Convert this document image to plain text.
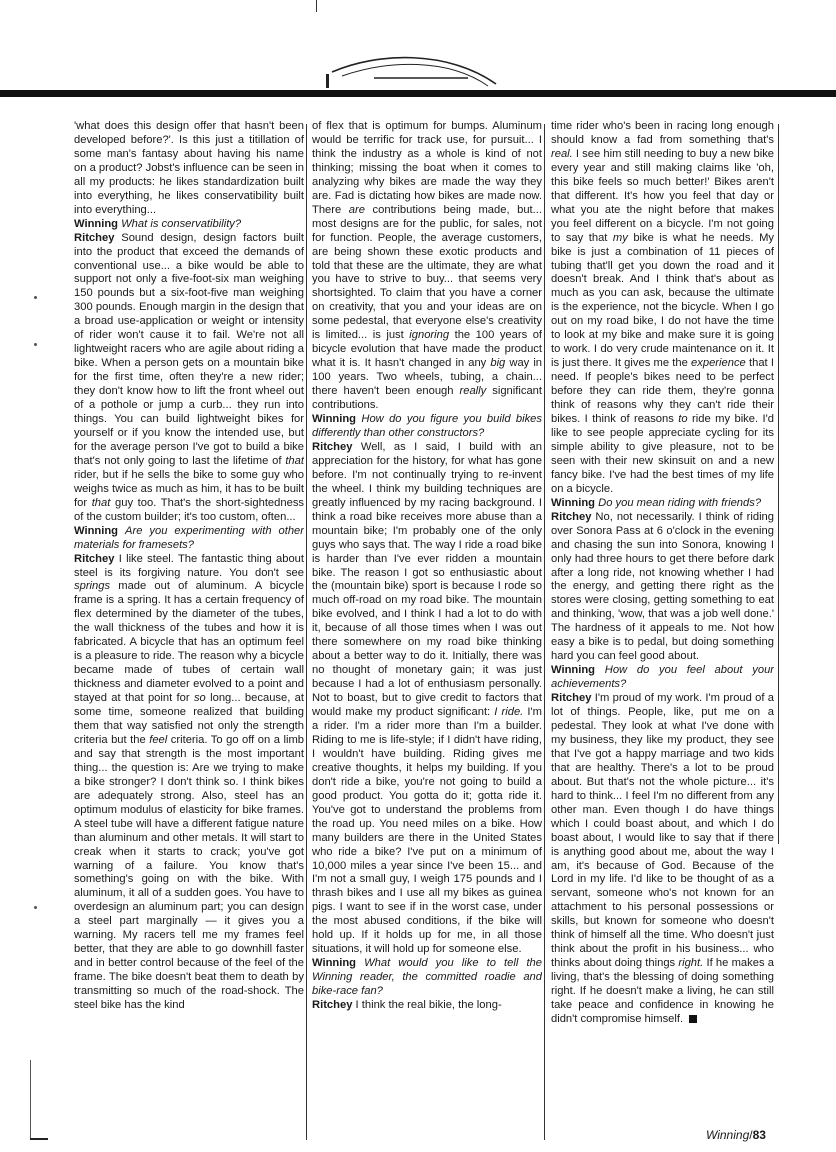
'what does this design offer that hasn't been developed before?'. Is this just a titillation of some man's fantasy about having his name on a product? Jobst's influence can be seen in all my products: he likes standardization built into everything, he likes conservatibility built into everything...

Winning What is conservatibility?

Ritchey Sound design, design factors built into the product that exceed the demands of conventional use... a bike would be able to support not only a five-foot-six man weighing 150 pounds but a six-foot-five man weighing 300 pounds. Enough margin in the design that a broad use-application or weight or intensity of rider won't cause it to fail. We're not all lightweight racers who are agile about riding a bike. When a person gets on a mountain bike for the first time, often they're a new rider; they don't know how to lift the front wheel out of a pothole or jump a curb... they run into things. You can build lightweight bikes for yourself or if you know the intended use, but for the average person I've got to build a bike that's not only going to last the lifetime of that rider, but if he sells the bike to some guy who weighs twice as much as him, it has to be built for that guy too. That's the short-sightedness of the custom builder; it's too custom, often...

Winning Are you experimenting with other materials for framesets?

Ritchey I like steel. The fantastic thing about steel is its forgiving nature. You don't see springs made out of aluminum. A bicycle frame is a spring. It has a certain frequency of flex determined by the diameter of the tubes, the wall thickness of the tubes and how it is fabricated. A bicycle that has an optimum feel is a pleasure to ride. The reason why a bicycle became made of tubes of certain wall thickness and diameter evolved to a point and stayed at that point for so long... because, at some time, someone realized that building them that way satisfied not only the strength criteria but the feel criteria. To go off on a limb and say that strength is the most important thing... the question is: Are we trying to make a bike stronger? I don't think so. I think bikes are adequately strong. Also, steel has an optimum modulus of elasticity for bike frames. A steel tube will have a different fatigue nature than aluminum and other metals. It will start to creak when it starts to crack; you've got warning of a failure. You know that's something's going on with the bike. With aluminum, it all of a sudden goes. You have to overdesign an aluminum part; you can design a steel part marginally — it gives you a warning. My racers tell me my frames feel better, that they are able to go downhill faster and in better control because of the feel of the frame. The bike doesn't beat them to death by transmitting so much of the road-shock. The steel bike has the kind

of flex that is optimum for bumps. Aluminum would be terrific for track use, for pursuit... I think the industry as a whole is kind of not thinking; missing the boat when it comes to analyzing why bikes are made the way they are. Fad is dictating how bikes are made now. There are contributions being made, but... most designs are for the public, for sales, not for function. People, the average customers, are being shown these exotic products and told that these are the ultimate, they are what you have to strive to buy... that seems very shortsighted. To claim that you have a corner on creativity, that you and your ideas are on some pedestal, that everyone else's creativity is limited... is just ignoring the 100 years of bicycle evolution that have made the product what it is. It hasn't changed in any big way in 100 years. Two wheels, tubing, a chain... there haven't been enough really significant contributions.

Winning How do you figure you build bikes differently than other constructors?

Ritchey Well, as I said, I build with an appreciation for the history, for what has gone before. I'm not continually trying to re-invent the wheel. I think my building techniques are greatly influenced by my racing background. I think a road bike receives more abuse than a mountain bike; I'm probably one of the only guys who says that. The way I ride a road bike is harder than I've ever ridden a mountain bike. The reason I got so enthusiastic about the (mountain bike) sport is because I rode so much off-road on my road bike. The mountain bike evolved, and I think I had a lot to do with it, because of all those times when I was out there somewhere on my road bike thinking about a better way to do it. Initially, there was no thought of monetary gain; it was just because I had a lot of enthusiasm personally. Not to boast, but to give credit to factors that would make my product significant: I ride. I'm a rider. I'm a rider more than I'm a builder. Riding to me is life-style; if I didn't have riding, I wouldn't have building. Riding gives me creative thoughts, it helps my building. If you don't ride a bike, you're not going to build a good product. You gotta do it; gotta ride it. You've got to understand the problems from the road up. You need miles on a bike. How many builders are there in the United States who ride a bike? I've put on a minimum of 10,000 miles a year since I've been 15... and I'm not a small guy, I weigh 175 pounds and I thrash bikes and I use all my bikes as guinea pigs. I want to see if in the worst case, under the most abused conditions, if the bike will hold up. If it holds up for me, in all those situations, it will hold up for someone else.

Winning What would you like to tell the Winning reader, the committed roadie and bike-race fan?

Ritchey I think the real bikie, the long-

time rider who's been in racing long enough should know a fad from something that's real. I see him still needing to buy a new bike every year and still making claims like 'oh, this bike feels so much better!' Bikes aren't that different. It's how you feel that day or what you ate the night before that makes you feel different on a bicycle. I'm not going to say that my bike is what he needs. My bike is just a combination of 11 pieces of tubing that'll get you down the road and it doesn't break. And I think that's about as much as you can ask, because the ultimate is the experience, not the bicycle. When I go out on my road bike, I do not have the time to look at my bike and make sure it is going to work. I do very crude maintenance on it. It is just there. It gives me the experience that I need. If people's bikes need to be perfect before they can ride them, they're gonna think of reasons why they can't ride their bikes. I think of reasons to ride my bike. I'd like to see people appreciate cycling for its simple ability to give pleasure, not to be seen with their new skinsuit on and a new fancy bike. I've had the best times of my life on a bicycle.

Winning Do you mean riding with friends?

Ritchey No, not necessarily. I think of riding over Sonora Pass at 6 o'clock in the evening and chasing the sun into Sonora, knowing I only had three hours to get there before dark after a long ride, not knowing whether I had the energy, and getting there right as the stores were closing, getting something to eat and thinking, 'wow, that was a job well done.' The hardness of it appeals to me. Not how easy a bike is to pedal, but doing something hard you can feel good about.

Winning How do you feel about your achievements?

Ritchey I'm proud of my work. I'm proud of a lot of things. People, like, put me on a pedestal. They look at what I've done with my business, they like my product, they see that I've got a happy marriage and two kids that are healthy. There's a lot to be proud about. But that's not the whole picture... it's hard to think... I feel I'm no different from any other man. Even though I do have things which I could boast about, and which I do boast about, I would like to say that if there is anything good about me, about the way I am, it's because of God. Because of the Lord in my life. I'd like to be thought of as a servant, someone who's not known for an attachment to his personal possessions or skills, but known for someone who doesn't think of himself all the time. Who doesn't just think about the profit in his business... who thinks about doing things right. If he makes a living, that's the blessing of doing something right. If he doesn't make a living, he can still take peace and confidence in knowing he didn't compromise himself.

Winning/83
